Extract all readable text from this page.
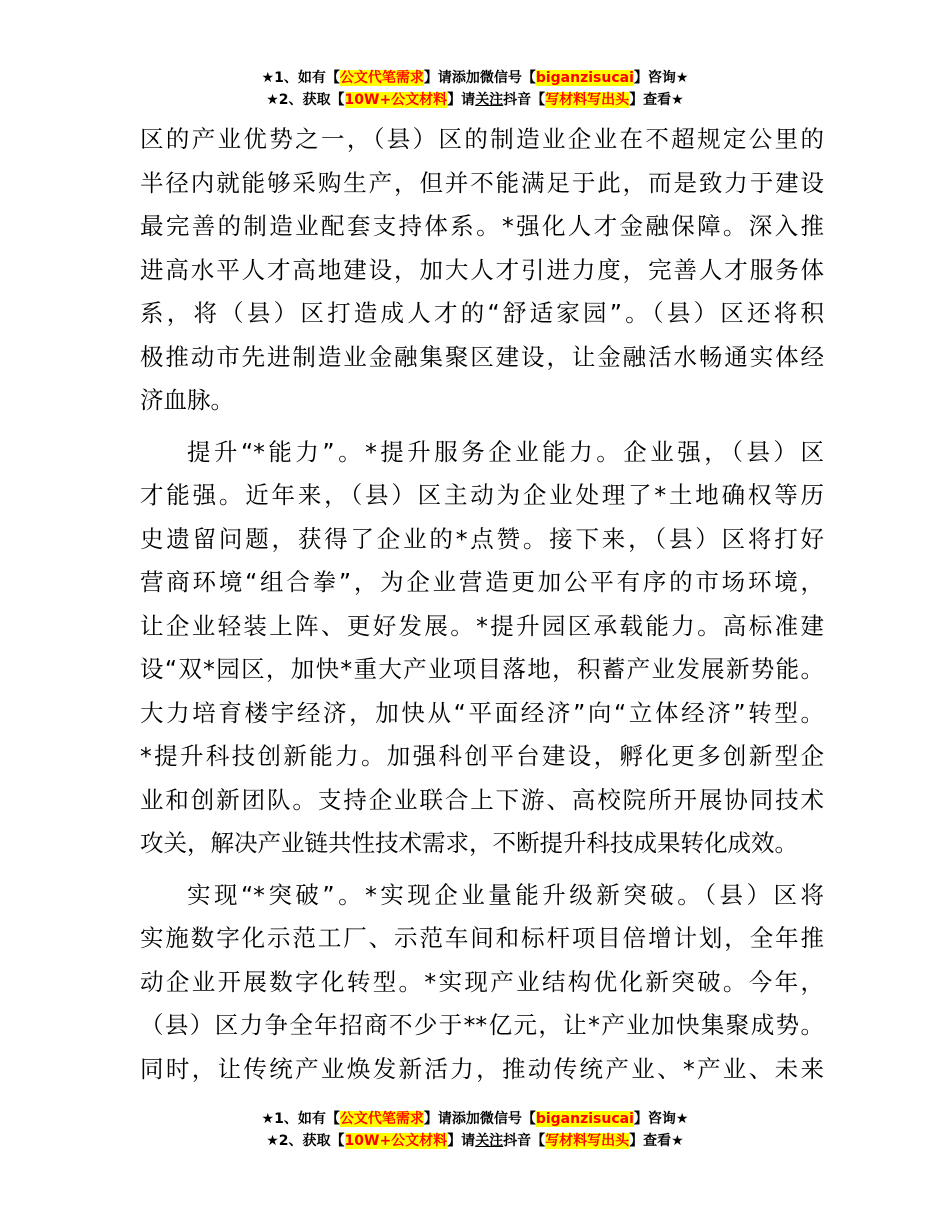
★1、如有【公文代笔需求】请添加微信号【biganzisucai】咨询★
★2、获取【10W+公文材料】请关注抖音【写材料写出头】查看★
区的产业优势之一，（县）区的制造业企业在不超规定公里的
半径内就能够采购生产，但并不能满足于此，而是致力于建设
最完善的制造业配套支持体系。*强化人才金融保障。深入推
进高水平人才高地建设，加大人才引进力度，完善人才服务体
系，将（县）区打造成人才的“舒适家园”。（县）区还将积
极推动市先进制造业金融集聚区建设，让金融活水畅通实体经
济血脉。
提升“*能力”。*提升服务企业能力。企业强，（县）区
才能强。近年来，（县）区主动为企业处理了*土地确权等历
史遗留问题，获得了企业的*点赞。接下来，（县）区将打好
营商环境“组合拳”，为企业营造更加公平有序的市场环境，
让企业轻装上阵、更好发展。*提升园区承载能力。高标准建
设“双*园区，加快*重大产业项目落地，积蓄产业发展新势能。
大力培育楼宇经济，加快从“平面经济”向“立体经济”转型。
*提升科技创新能力。加强科创平台建设，孵化更多创新型企
业和创新团队。支持企业联合上下游、高校院所开展协同技术
攻关，解决产业链共性技术需求，不断提升科技成果转化成效。
实现“*突破”。*实现企业量能升级新突破。（县）区将
实施数字化示范工厂、示范车间和标杆项目倍增计划，全年推
动企业开展数字化转型。*实现产业结构优化新突破。今年，
（县）区力争全年招商不少于**亿元，让*产业加快集聚成势。
同时，让传统产业焕发新活力，推动传统产业、*产业、未来
★1、如有【公文代笔需求】请添加微信号【biganzisucai】咨询★
★2、获取【10W+公文材料】请关注抖音【写材料写出头】查看★
